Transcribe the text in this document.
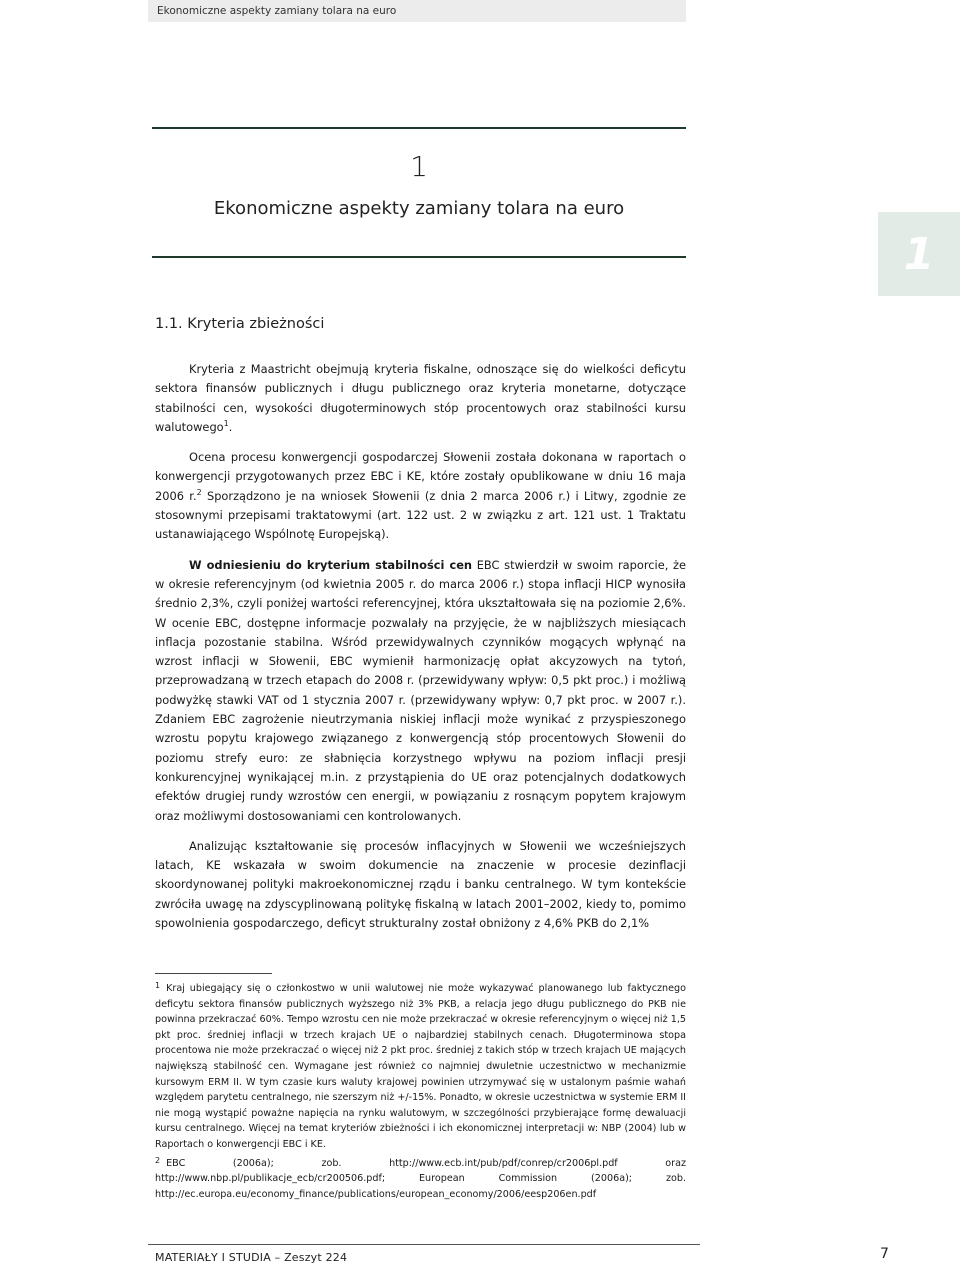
Ekonomiczne aspekty zamiany tolara na euro
1
Ekonomiczne aspekty zamiany tolara na euro
1
1.1. Kryteria zbieżności

Kryteria z Maastricht obejmują kryteria fiskalne, odnoszące się do wielkości deficytu sektora finansów publicznych i długu publicznego oraz kryteria monetarne, dotyczące stabilności cen, wysokości długoterminowych stóp procentowych oraz stabilności kursu walutowego$^1$.

Ocena procesu konwergencji gospodarczej Słowenii została dokonana w raportach o konwergencji przygotowanych przez EBC i KE, które zostały opublikowane w dniu 16 maja 2006 r.$^2$ Sporządzono je na wniosek Słowenii (z dnia 2 marca 2006 r.) i Litwy, zgodnie ze stosownymi przepisami traktatowymi (art. 122 ust. 2 w związku z art. 121 ust. 1 Traktatu ustanawiającego Wspólnotę Europejską).

W odniesieniu do kryterium stabilności cen EBC stwierdził w swoim raporcie, że w okresie referencyjnym (od kwietnia 2005 r. do marca 2006 r.) stopa inflacji HICP wynosiła średnio 2,3%, czyli poniżej wartości referencyjnej, która ukształtowała się na poziomie 2,6%. W ocenie EBC, dostępne informacje pozwalały na przyjęcie, że w najbliższych miesiącach inflacja pozostanie stabilna. Wśród przewidywalnych czynników mogących wpłynąć na wzrost inflacji w Słowenii, EBC wymienił harmonizację opłat akcyzowych na tytoń, przeprowadzaną w trzech etapach do 2008 r. (przewidywany wpływ: 0,5 pkt proc.) i możliwą podwyżkę stawki VAT od 1 stycznia 2007 r. (przewidywany wpływ: 0,7 pkt proc. w 2007 r.). Zdaniem EBC zagrożenie nieutrzymania niskiej inflacji może wynikać z przyspieszonego wzrostu popytu krajowego związanego z konwergencją stóp procentowych Słowenii do poziomu strefy euro: ze słabnięcia korzystnego wpływu na poziom inflacji presji konkurencyjnej wynikającej m.in. z przystąpienia do UE oraz potencjalnych dodatkowych efektów drugiej rundy wzrostów cen energii, w powiązaniu z rosnącym popytem krajowym oraz możliwymi dostosowaniami cen kontrolowanych.

Analizując kształtowanie się procesów inflacyjnych w Słowenii we wcześniejszych latach, KE wskazała w swoim dokumencie na znaczenie w procesie dezinflacji skoordynowanej polityki makroekonomicznej rządu i banku centralnego. W tym kontekście zwróciła uwagę na zdyscyplinowaną politykę fiskalną w latach 2001–2002, kiedy to, pomimo spowolnienia gospodarczego, deficyt strukturalny został obniżony z 4,6% PKB do 2,1%

$^1$ Kraj ubiegający się o członkostwo w unii walutowej nie może wykazywać planowanego lub faktycznego deficytu sektora finansów publicznych wyższego niż 3% PKB, a relacja jego długu publicznego do PKB nie powinna przekraczać 60%. Tempo wzrostu cen nie może przekraczać w okresie referencyjnym o więcej niż 1,5 pkt proc. średniej inflacji w trzech krajach UE o najbardziej stabilnych cenach. Długoterminowa stopa procentowa nie może przekraczać o więcej niż 2 pkt proc. średniej z takich stóp w trzech krajach UE mających największą stabilność cen. Wymagane jest również co najmniej dwuletnie uczestnictwo w mechanizmie kursowym ERM II. W tym czasie kurs waluty krajowej powinien utrzymywać się w ustalonym paśmie wahań względem parytetu centralnego, nie szerszym niż +/-15%. Ponadto, w okresie uczestnictwa w systemie ERM II nie mogą wystąpić poważne napięcia na rynku walutowym, w szczególności przybierające formę dewaluacji kursu centralnego. Więcej na temat kryteriów zbieżności i ich ekonomicznej interpretacji w: NBP (2004) lub w Raportach o konwergencji EBC i KE.

$^2$ EBC (2006a); zob. http://www.ecb.int/pub/pdf/conrep/cr2006pl.pdf oraz http://www.nbp.pl/publikacje_ecb/cr200506.pdf; European Commission (2006a); zob. http://ec.europa.eu/economy_finance/publications/european_economy/2006/eesp206en.pdf

MATERIAŁY I STUDIA – Zeszyt 224	7
